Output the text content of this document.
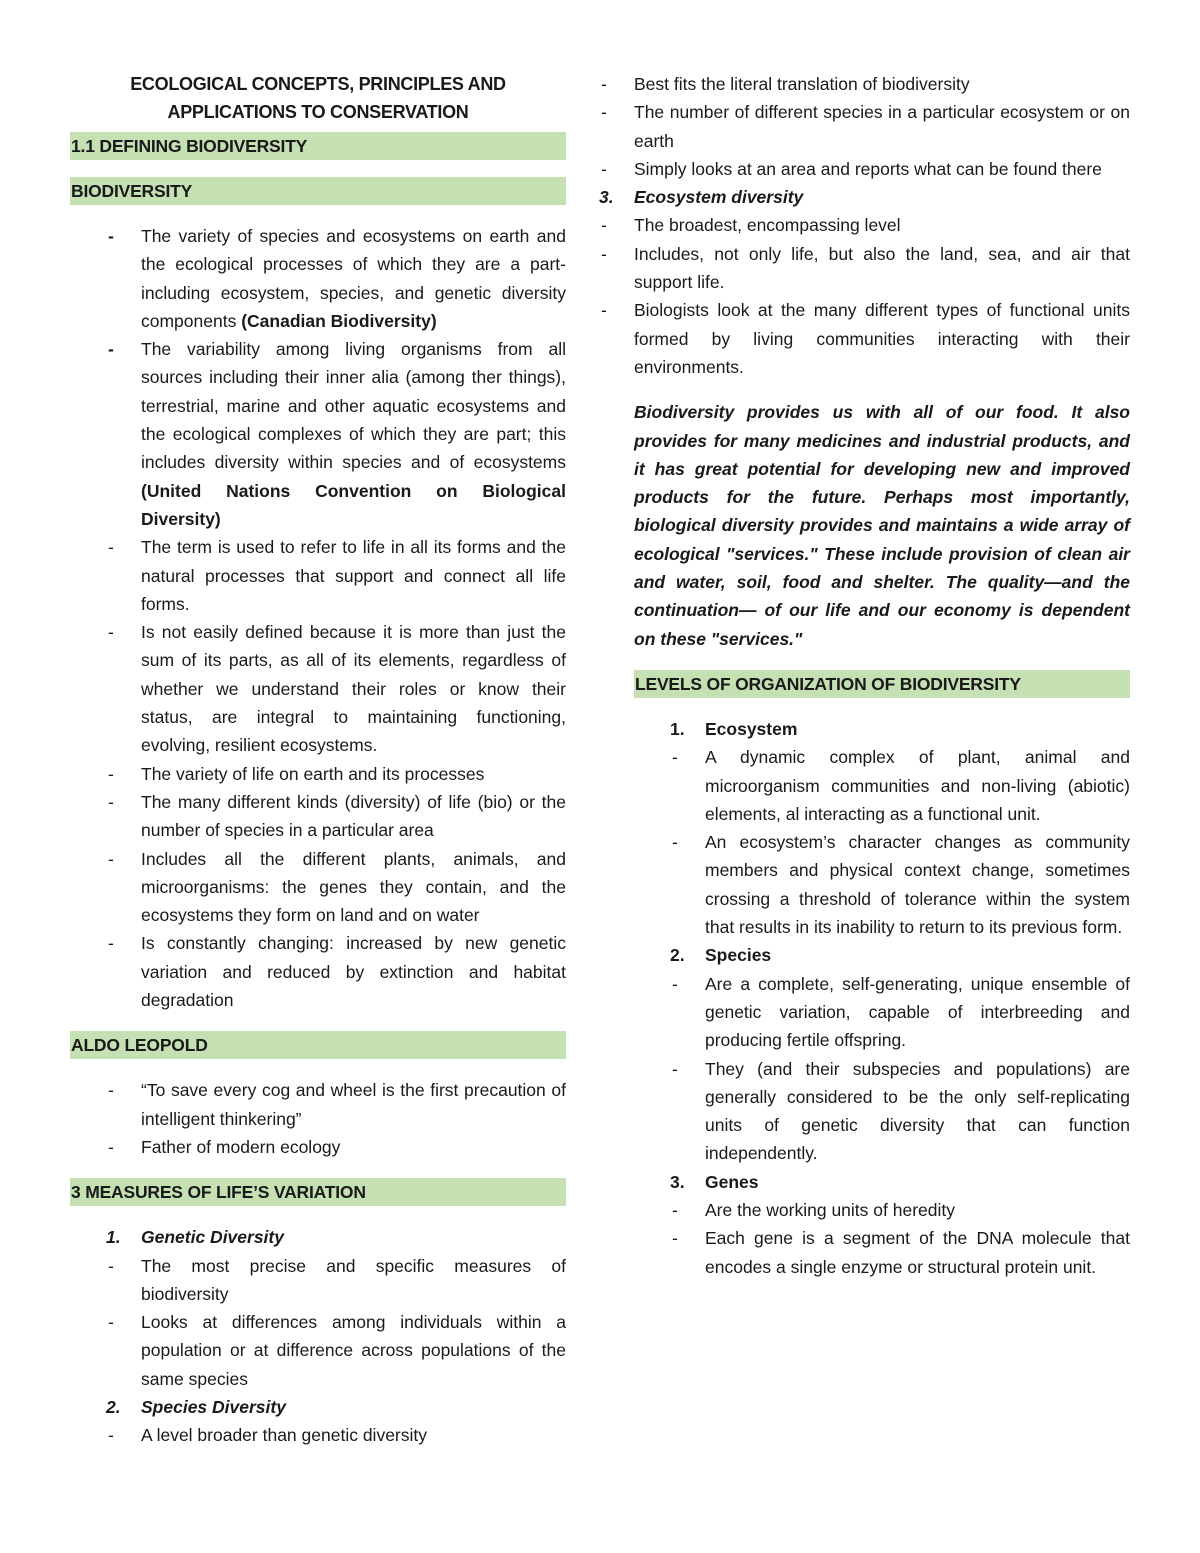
ECOLOGICAL CONCEPTS, PRINCIPLES AND
APPLICATIONS TO CONSERVATION
1.1 DEFINING BIODIVERSITY
BIODIVERSITY
- The variety of species and ecosystems on earth and the ecological processes of which they are a part- including ecosystem, species, and genetic diversity components (Canadian Biodiversity)
- The variability among living organisms from all sources including their inner alia (among ther things), terrestrial, marine and other aquatic ecosystems and the ecological complexes of which they are part; this includes diversity within species and of ecosystems (United Nations Convention on Biological Diversity)
- The term is used to refer to life in all its forms and the natural processes that support and connect all life forms.
- Is not easily defined because it is more than just the sum of its parts, as all of its elements, regardless of whether we understand their roles or know their status, are integral to maintaining functioning, evolving, resilient ecosystems.
- The variety of life on earth and its processes
- The many different kinds (diversity) of life (bio) or the number of species in a particular area
- Includes all the different plants, animals, and microorganisms: the genes they contain, and the ecosystems they form on land and on water
- Is constantly changing: increased by new genetic variation and reduced by extinction and habitat degradation
ALDO LEOPOLD
- “To save every cog and wheel is the first precaution of intelligent thinkering”
- Father of modern ecology
3 MEASURES OF LIFE’S VARIATION
1. Genetic Diversity
- The most precise and specific measures of biodiversity
- Looks at differences among individuals within a population or at difference across populations of the same species
2. Species Diversity
- A level broader than genetic diversity
- Best fits the literal translation of biodiversity
- The number of different species in a particular ecosystem or on earth
- Simply looks at an area and reports what can be found there
3. Ecosystem diversity
- The broadest, encompassing level
- Includes, not only life, but also the land, sea, and air that support life.
- Biologists look at the many different types of functional units formed by living communities interacting with their environments.

Biodiversity provides us with all of our food. It also provides for many medicines and industrial products, and it has great potential for developing new and improved products for the future. Perhaps most importantly, biological diversity provides and maintains a wide array of ecological "services." These include provision of clean air and water, soil, food and shelter. The quality—and the continuation— of our life and our economy is dependent on these "services."

LEVELS OF ORGANIZATION OF BIODIVERSITY
1. Ecosystem
- A dynamic complex of plant, animal and microorganism communities and non-living (abiotic) elements, al interacting as a functional unit.
- An ecosystem’s character changes as community members and physical context change, sometimes crossing a threshold of tolerance within the system that results in its inability to return to its previous form.
2. Species
- Are a complete, self-generating, unique ensemble of genetic variation, capable of interbreeding and producing fertile offspring.
- They (and their subspecies and populations) are generally considered to be the only self-replicating units of genetic diversity that can function independently.
3. Genes
- Are the working units of heredity
- Each gene is a segment of the DNA molecule that encodes a single enzyme or structural protein unit.
